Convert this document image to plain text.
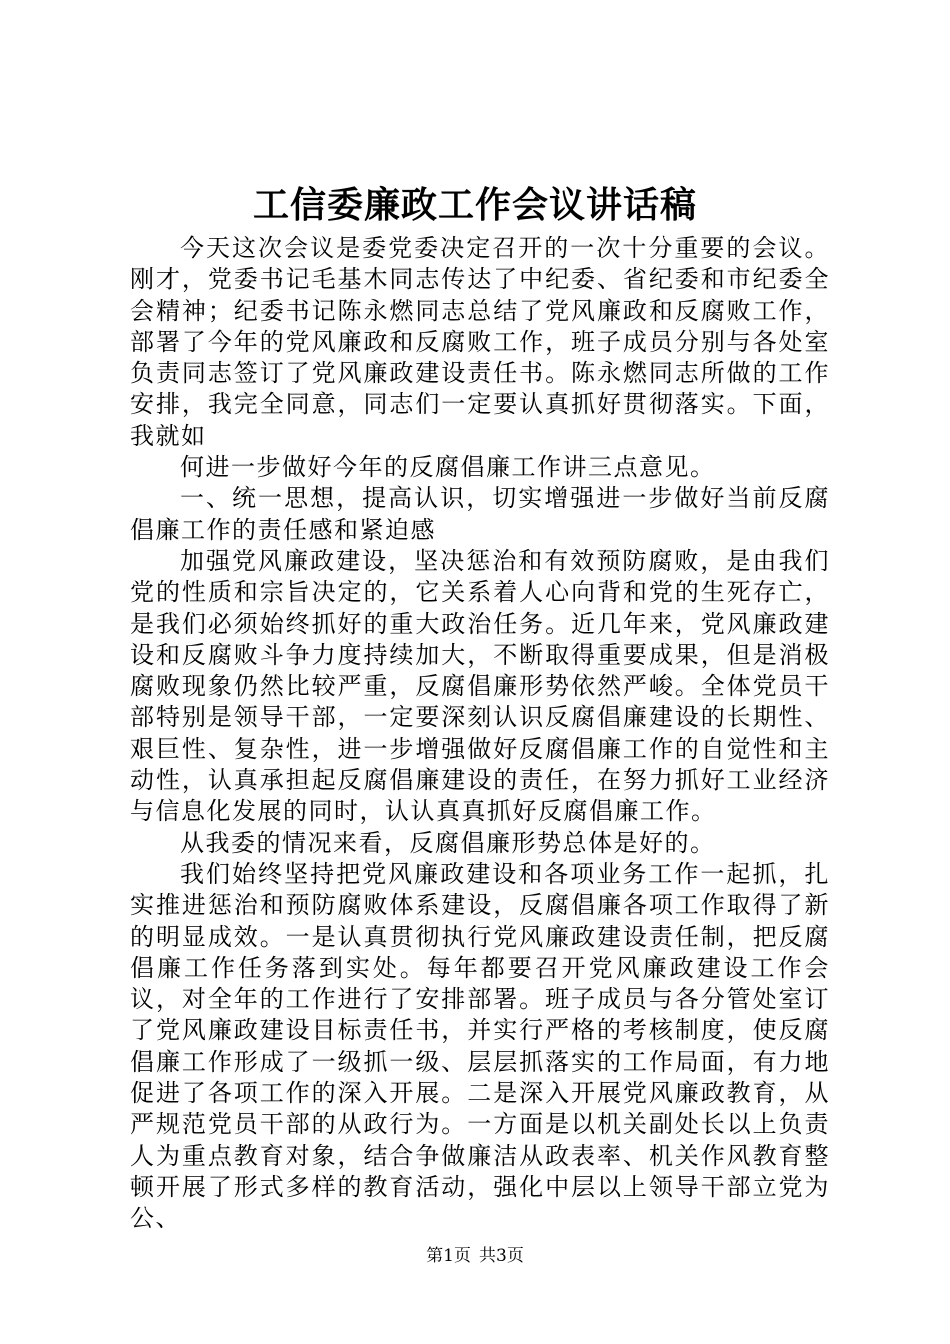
工信委廉政工作会议讲话稿

今天这次会议是委党委决定召开的一次十分重要的会议。刚才，党委书记毛基木同志传达了中纪委、省纪委和市纪委全会精神；纪委书记陈永燃同志总结了党风廉政和反腐败工作，部署了今年的党风廉政和反腐败工作，班子成员分别与各处室负责同志签订了党风廉政建设责任书。陈永燃同志所做的工作安排，我完全同意，同志们一定要认真抓好贯彻落实。下面，我就如

何进一步做好今年的反腐倡廉工作讲三点意见。

一、统一思想，提高认识，切实增强进一步做好当前反腐倡廉工作的责任感和紧迫感

加强党风廉政建设，坚决惩治和有效预防腐败，是由我们党的性质和宗旨决定的，它关系着人心向背和党的生死存亡，是我们必须始终抓好的重大政治任务。近几年来，党风廉政建设和反腐败斗争力度持续加大，不断取得重要成果，但是消极腐败现象仍然比较严重，反腐倡廉形势依然严峻。全体党员干部特别是领导干部，一定要深刻认识反腐倡廉建设的长期性、艰巨性、复杂性，进一步增强做好反腐倡廉工作的自觉性和主动性，认真承担起反腐倡廉建设的责任，在努力抓好工业经济与信息化发展的同时，认认真真抓好反腐倡廉工作。

从我委的情况来看，反腐倡廉形势总体是好的。

我们始终坚持把党风廉政建设和各项业务工作一起抓，扎实推进惩治和预防腐败体系建设，反腐倡廉各项工作取得了新的明显成效。一是认真贯彻执行党风廉政建设责任制，把反腐倡廉工作任务落到实处。每年都要召开党风廉政建设工作会议，对全年的工作进行了安排部署。班子成员与各分管处室订了党风廉政建设目标责任书，并实行严格的考核制度，使反腐倡廉工作形成了一级抓一级、层层抓落实的工作局面，有力地促进了各项工作的深入开展。二是深入开展党风廉政教育，从严规范党员干部的从政行为。一方面是以机关副处长以上负责人为重点教育对象，结合争做廉洁从政表率、机关作风教育整顿开展了形式多样的教育活动，强化中层以上领导干部立党为公、

第1页 共3页
